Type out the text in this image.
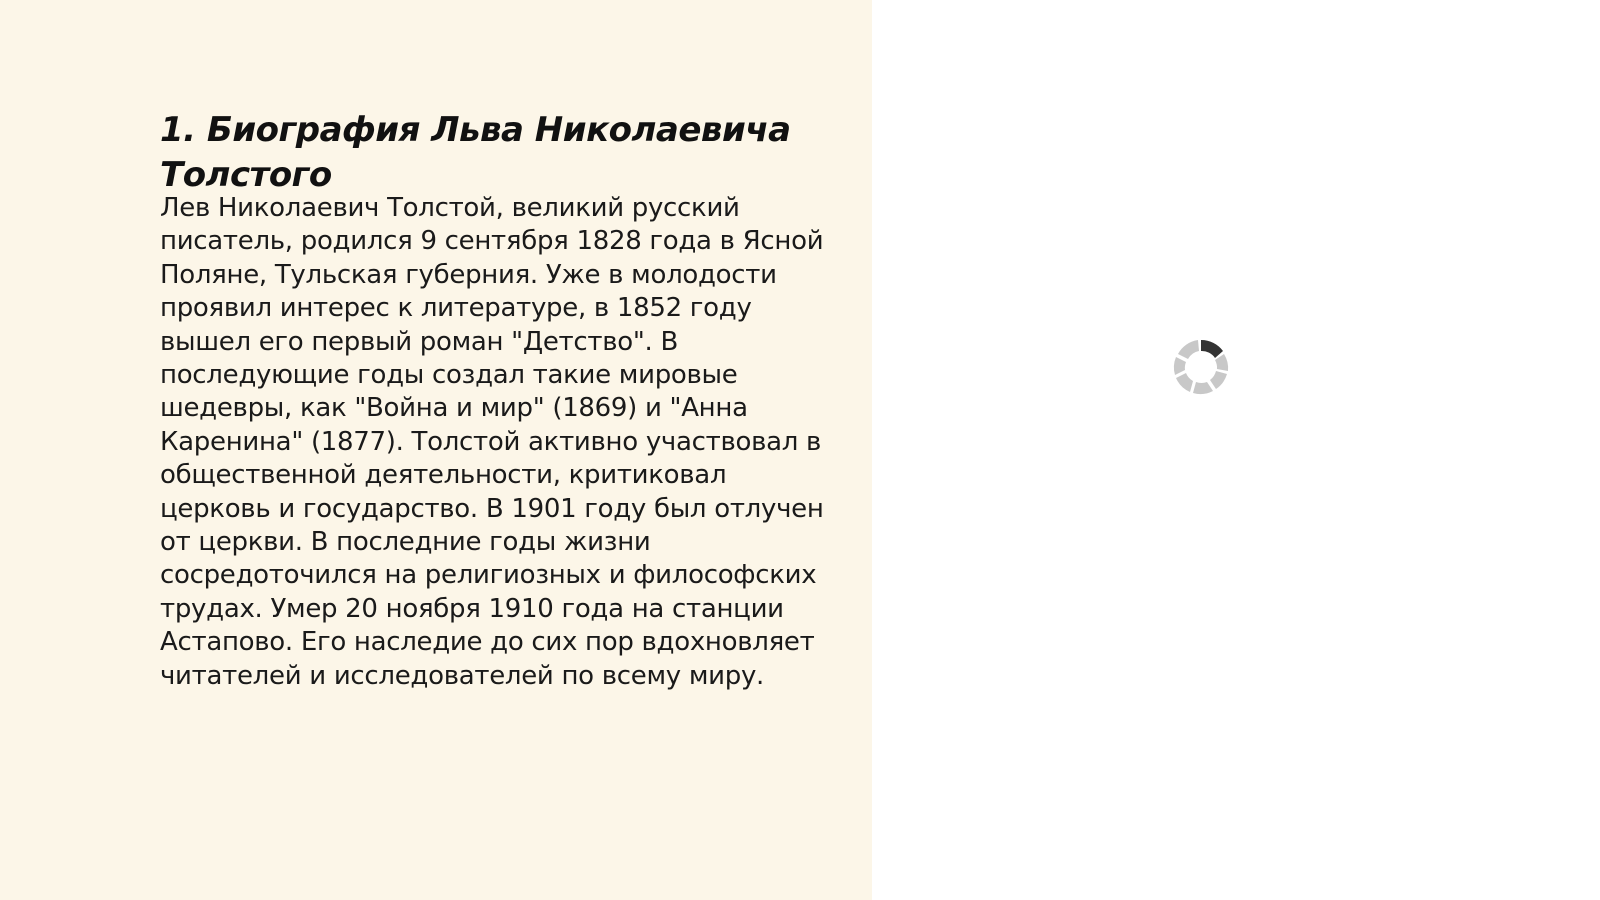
1. Биография Льва Николаевича Толстого

Лев Николаевич Толстой, великий русский писатель, родился 9 сентября 1828 года в Ясной Поляне, Тульская губерния. Уже в молодости проявил интерес к литературе, в 1852 году вышел его первый роман "Детство". В последующие годы создал такие мировые шедевры, как "Война и мир" (1869) и "Анна Каренина" (1877). Толстой активно участвовал в общественной деятельности, критиковал церковь и государство. В 1901 году был отлучен от церкви. В последние годы жизни сосредоточился на религиозных и философских трудах. Умер 20 ноября 1910 года на станции Астапово. Его наследие до сих пор вдохновляет читателей и исследователей по всему миру.
